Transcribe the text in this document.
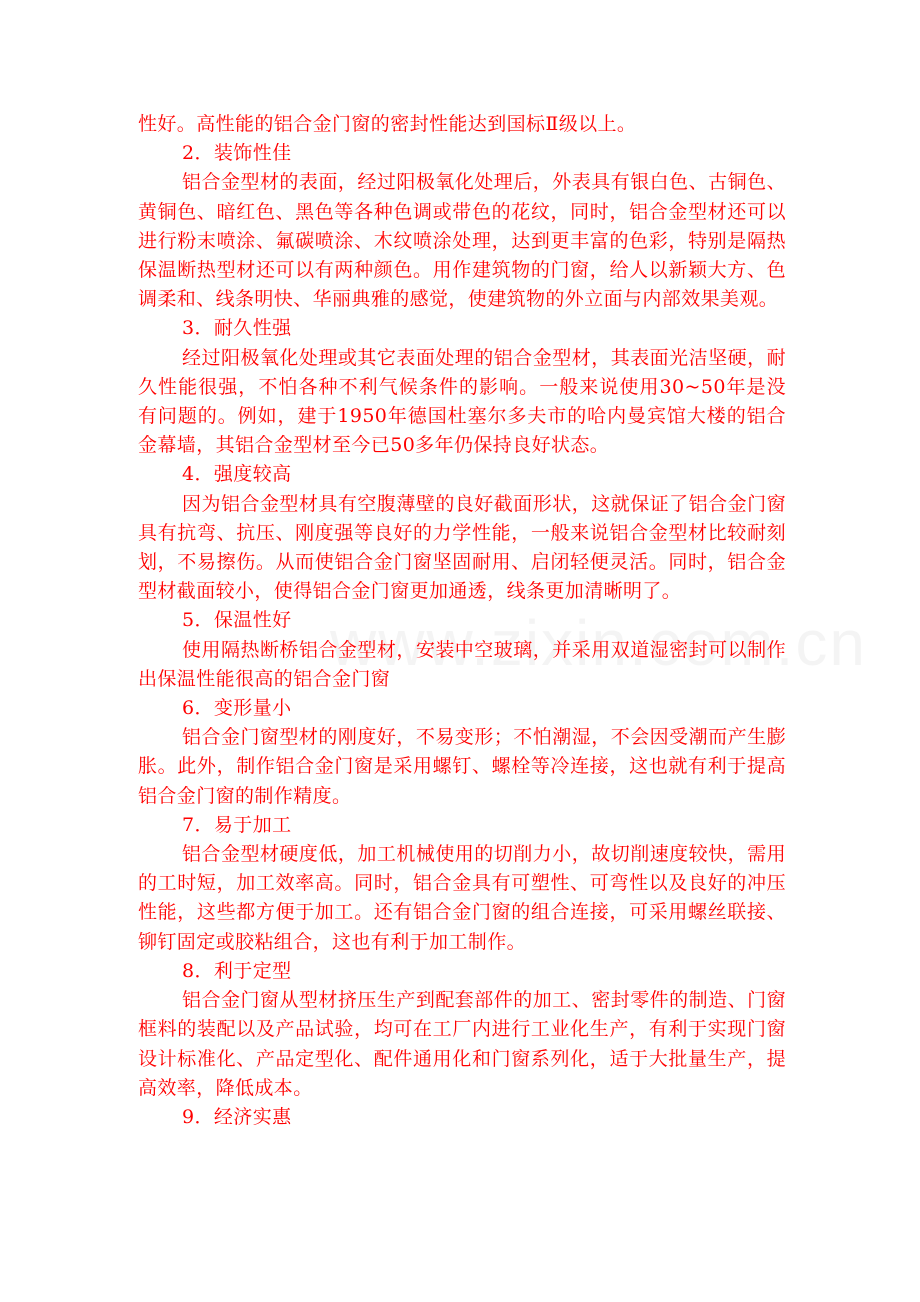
性好。高性能的铝合金门窗的密封性能达到国标Ⅱ级以上。

2．装饰性佳

铝合金型材的表面，经过阳极氧化处理后，外表具有银白色、古铜色、黄铜色、暗红色、黑色等各种色调或带色的花纹，同时，铝合金型材还可以进行粉末喷涂、氟碳喷涂、木纹喷涂处理，达到更丰富的色彩，特别是隔热保温断热型材还可以有两种颜色。用作建筑物的门窗，给人以新颖大方、色调柔和、线条明快、华丽典雅的感觉，使建筑物的外立面与内部效果美观。

3．耐久性强

经过阳极氧化处理或其它表面处理的铝合金型材，其表面光洁坚硬，耐久性能很强，不怕各种不利气候条件的影响。一般来说使用30~50年是没有问题的。例如，建于1950年德国杜塞尔多夫市的哈内曼宾馆大楼的铝合金幕墙，其铝合金型材至今已50多年仍保持良好状态。

4．强度较高

因为铝合金型材具有空腹薄壁的良好截面形状，这就保证了铝合金门窗具有抗弯、抗压、刚度强等良好的力学性能，一般来说铝合金型材比较耐刻划，不易擦伤。从而使铝合金门窗坚固耐用、启闭轻便灵活。同时，铝合金型材截面较小，使得铝合金门窗更加通透，线条更加清晰明了。

5．保温性好

使用隔热断桥铝合金型材，安装中空玻璃，并采用双道湿密封可以制作出保温性能很高的铝合金门窗

6．变形量小

铝合金门窗型材的刚度好，不易变形；不怕潮湿，不会因受潮而产生膨胀。此外，制作铝合金门窗是采用螺钉、螺栓等冷连接，这也就有利于提高铝合金门窗的制作精度。

7．易于加工

铝合金型材硬度低，加工机械使用的切削力小，故切削速度较快，需用的工时短，加工效率高。同时，铝合金具有可塑性、可弯性以及良好的冲压性能，这些都方便于加工。还有铝合金门窗的组合连接，可采用螺丝联接、铆钉固定或胶粘组合，这也有利于加工制作。

8．利于定型

铝合金门窗从型材挤压生产到配套部件的加工、密封零件的制造、门窗框料的装配以及产品试验，均可在工厂内进行工业化生产，有利于实现门窗设计标准化、产品定型化、配件通用化和门窗系列化，适于大批量生产，提高效率，降低成本。

9．经济实惠
